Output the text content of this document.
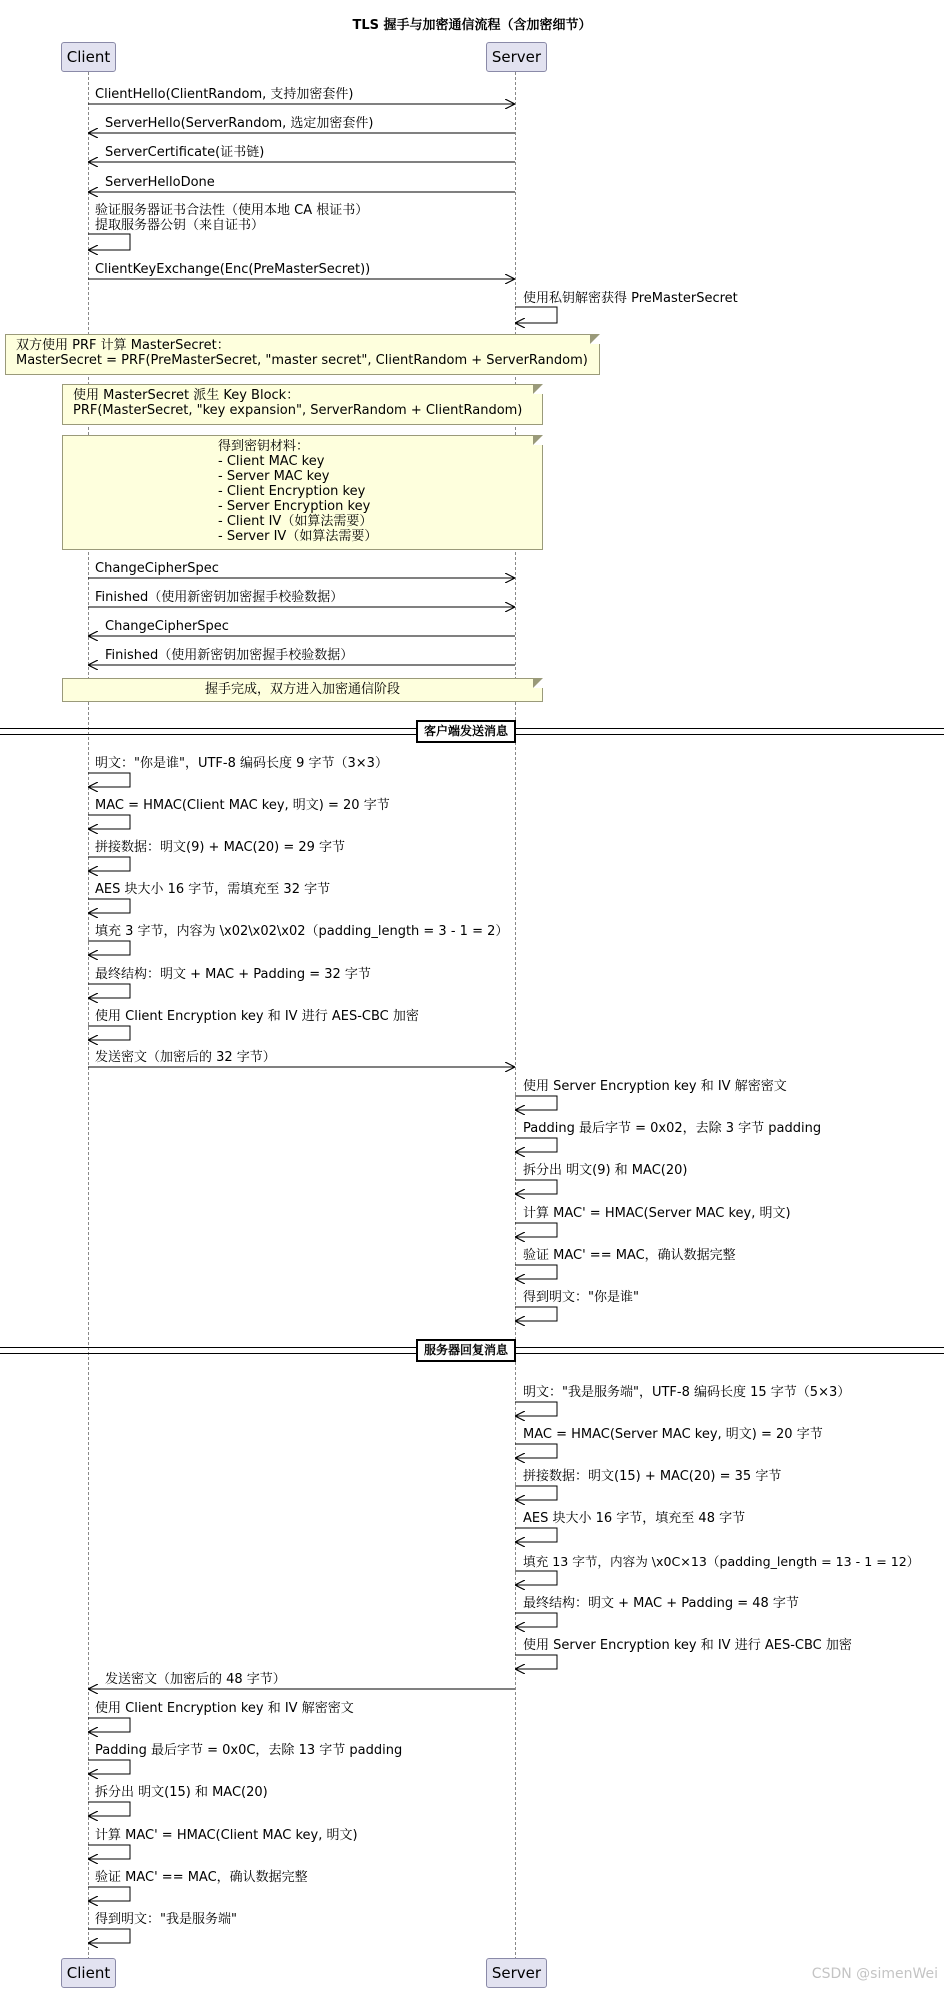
TLS 握手与加密通信流程（含加密细节）
Client	Server
Client	Server
ClientHello(ClientRandom, 支持加密套件)
ServerHello(ServerRandom, 选定加密套件)
ServerCertificate(证书链)
ServerHelloDone
验证服务器证书合法性（使用本地 CA 根证书）
提取服务器公钥（来自证书）
ClientKeyExchange(Enc(PreMasterSecret))
使用私钥解密获得 PreMasterSecret
双方使用 PRF 计算 MasterSecret：
MasterSecret = PRF(PreMasterSecret, "master secret", ClientRandom + ServerRandom)
使用 MasterSecret 派生 Key Block：
PRF(MasterSecret, "key expansion", ServerRandom + ClientRandom)
得到密钥材料：
- Client MAC key
- Server MAC key
- Client Encryption key
- Server Encryption key
- Client IV（如算法需要）
- Server IV（如算法需要）
ChangeCipherSpec
Finished（使用新密钥加密握手校验数据）
ChangeCipherSpec
Finished（使用新密钥加密握手校验数据）
握手完成，双方进入加密通信阶段
客户端发送消息
明文："你是谁"，UTF-8 编码长度 9 字节（3×3）
MAC = HMAC(Client MAC key, 明文) = 20 字节
拼接数据：明文(9) + MAC(20) = 29 字节
AES 块大小 16 字节，需填充至 32 字节
填充 3 字节，内容为 \x02\x02\x02（padding_length = 3 - 1 = 2）
最终结构：明文 + MAC + Padding = 32 字节
使用 Client Encryption key 和 IV 进行 AES-CBC 加密
发送密文（加密后的 32 字节）
使用 Server Encryption key 和 IV 解密密文
Padding 最后字节 = 0x02，去除 3 字节 padding
拆分出 明文(9) 和 MAC(20)
计算 MAC' = HMAC(Server MAC key, 明文)
验证 MAC' == MAC，确认数据完整
得到明文："你是谁"
服务器回复消息
明文："我是服务端"，UTF-8 编码长度 15 字节（5×3）
MAC = HMAC(Server MAC key, 明文) = 20 字节
拼接数据：明文(15) + MAC(20) = 35 字节
AES 块大小 16 字节，填充至 48 字节
填充 13 字节，内容为 \x0C×13（padding_length = 13 - 1 = 12）
最终结构：明文 + MAC + Padding = 48 字节
使用 Server Encryption key 和 IV 进行 AES-CBC 加密
发送密文（加密后的 48 字节）
使用 Client Encryption key 和 IV 解密密文
Padding 最后字节 = 0x0C，去除 13 字节 padding
拆分出 明文(15) 和 MAC(20)
计算 MAC' = HMAC(Client MAC key, 明文)
验证 MAC' == MAC，确认数据完整
得到明文："我是服务端"
CSDN @simenWei
